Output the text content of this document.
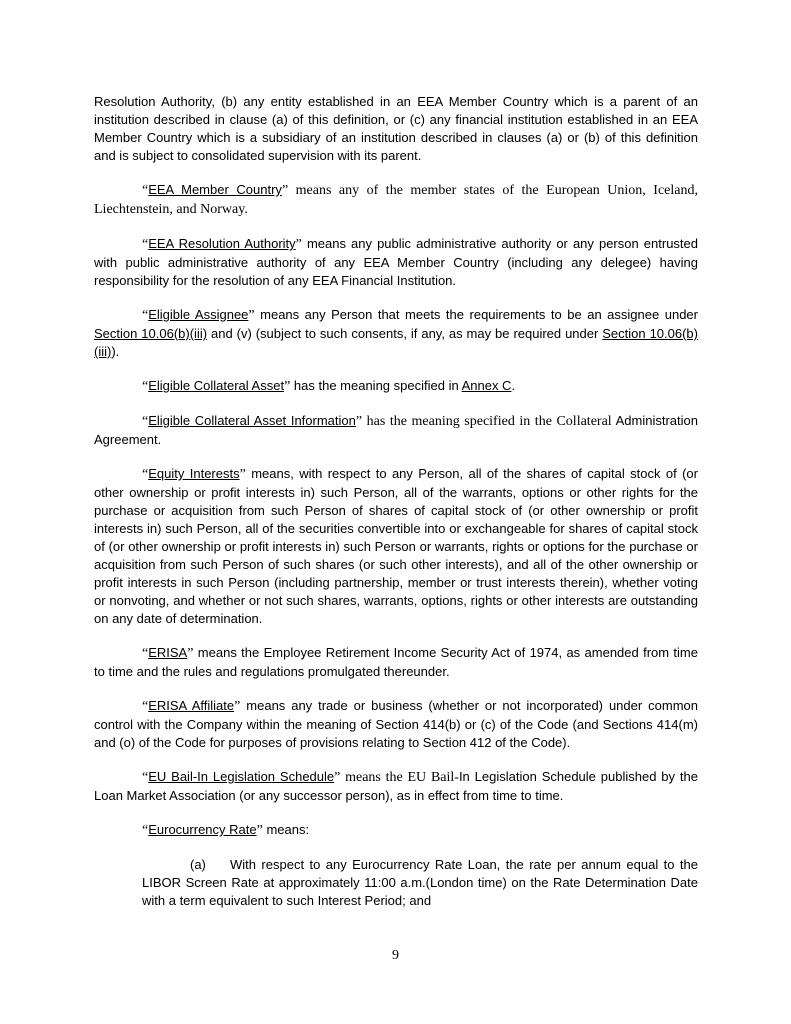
Resolution Authority, (b) any entity established in an EEA Member Country which is a parent of an institution described in clause (a) of this definition, or (c) any financial institution established in an EEA Member Country which is a subsidiary of an institution described in clauses (a) or (b) of this definition and is subject to consolidated supervision with its parent.

“EEA Member Country” means any of the member states of the European Union, Iceland, Liechtenstein, and Norway.

“EEA Resolution Authority” means any public administrative authority or any person entrusted with public administrative authority of any EEA Member Country (including any delegee) having responsibility for the resolution of any EEA Financial Institution.

“Eligible Assignee” means any Person that meets the requirements to be an assignee under Section 10.06(b)(iii) and (v) (subject to such consents, if any, as may be required under Section 10.06(b)(iii)).

“Eligible Collateral Asset” has the meaning specified in Annex C.

“Eligible Collateral Asset Information” has the meaning specified in the Collateral Administration Agreement.

“Equity Interests” means, with respect to any Person, all of the shares of capital stock of (or other ownership or profit interests in) such Person, all of the warrants, options or other rights for the purchase or acquisition from such Person of shares of capital stock of (or other ownership or profit interests in) such Person, all of the securities convertible into or exchangeable for shares of capital stock of (or other ownership or profit interests in) such Person or warrants, rights or options for the purchase or acquisition from such Person of such shares (or such other interests), and all of the other ownership or profit interests in such Person (including partnership, member or trust interests therein), whether voting or nonvoting, and whether or not such shares, warrants, options, rights or other interests are outstanding on any date of determination.

“ERISA” means the Employee Retirement Income Security Act of 1974, as amended from time to time and the rules and regulations promulgated thereunder.

“ERISA Affiliate” means any trade or business (whether or not incorporated) under common control with the Company within the meaning of Section 414(b) or (c) of the Code (and Sections 414(m) and (o) of the Code for purposes of provisions relating to Section 412 of the Code).

“EU Bail-In Legislation Schedule” means the EU Bail-In Legislation Schedule published by the Loan Market Association (or any successor person), as in effect from time to time.

“Eurocurrency Rate” means:

(a) With respect to any Eurocurrency Rate Loan, the rate per annum equal to the LIBOR Screen Rate at approximately 11:00 a.m.(London time) on the Rate Determination Date with a term equivalent to such Interest Period; and

9
